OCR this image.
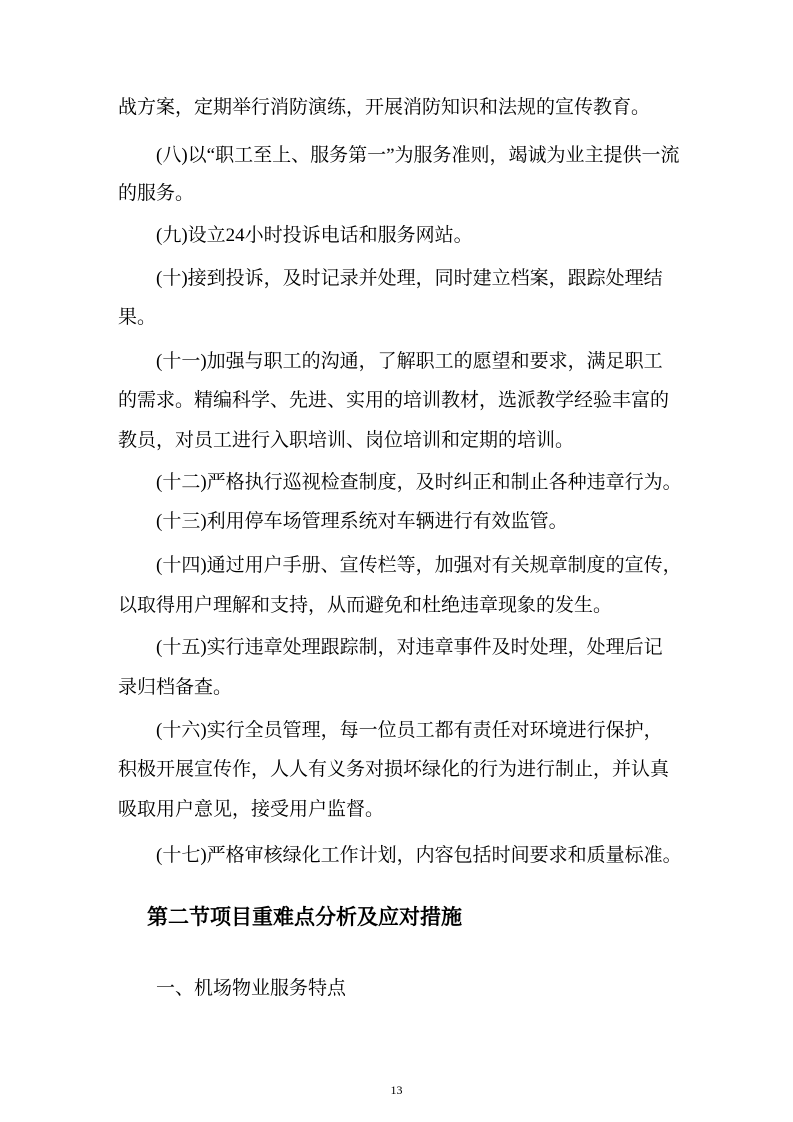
战方案，定期举行消防演练，开展消防知识和法规的宣传教育。
(八)以“职工至上、服务第一”为服务准则，竭诚为业主提供一流
的服务。
(九)设立24小时投诉电话和服务网站。
(十)接到投诉，及时记录并处理，同时建立档案，跟踪处理结
果。
(十一)加强与职工的沟通，了解职工的愿望和要求，满足职工
的需求。精编科学、先进、实用的培训教材，选派教学经验丰富的
教员，对员工进行入职培训、岗位培训和定期的培训。
(十二)严格执行巡视检查制度，及时纠正和制止各种违章行为。
(十三)利用停车场管理系统对车辆进行有效监管。
(十四)通过用户手册、宣传栏等，加强对有关规章制度的宣传，
以取得用户理解和支持，从而避免和杜绝违章现象的发生。
(十五)实行违章处理跟踪制，对违章事件及时处理，处理后记
录归档备查。
(十六)实行全员管理，每一位员工都有责任对环境进行保护，
积极开展宣传作，人人有义务对损坏绿化的行为进行制止，并认真
吸取用户意见，接受用户监督。
(十七)严格审核绿化工作计划，内容包括时间要求和质量标准。
第二节项目重难点分析及应对措施
一、机场物业服务特点
13
